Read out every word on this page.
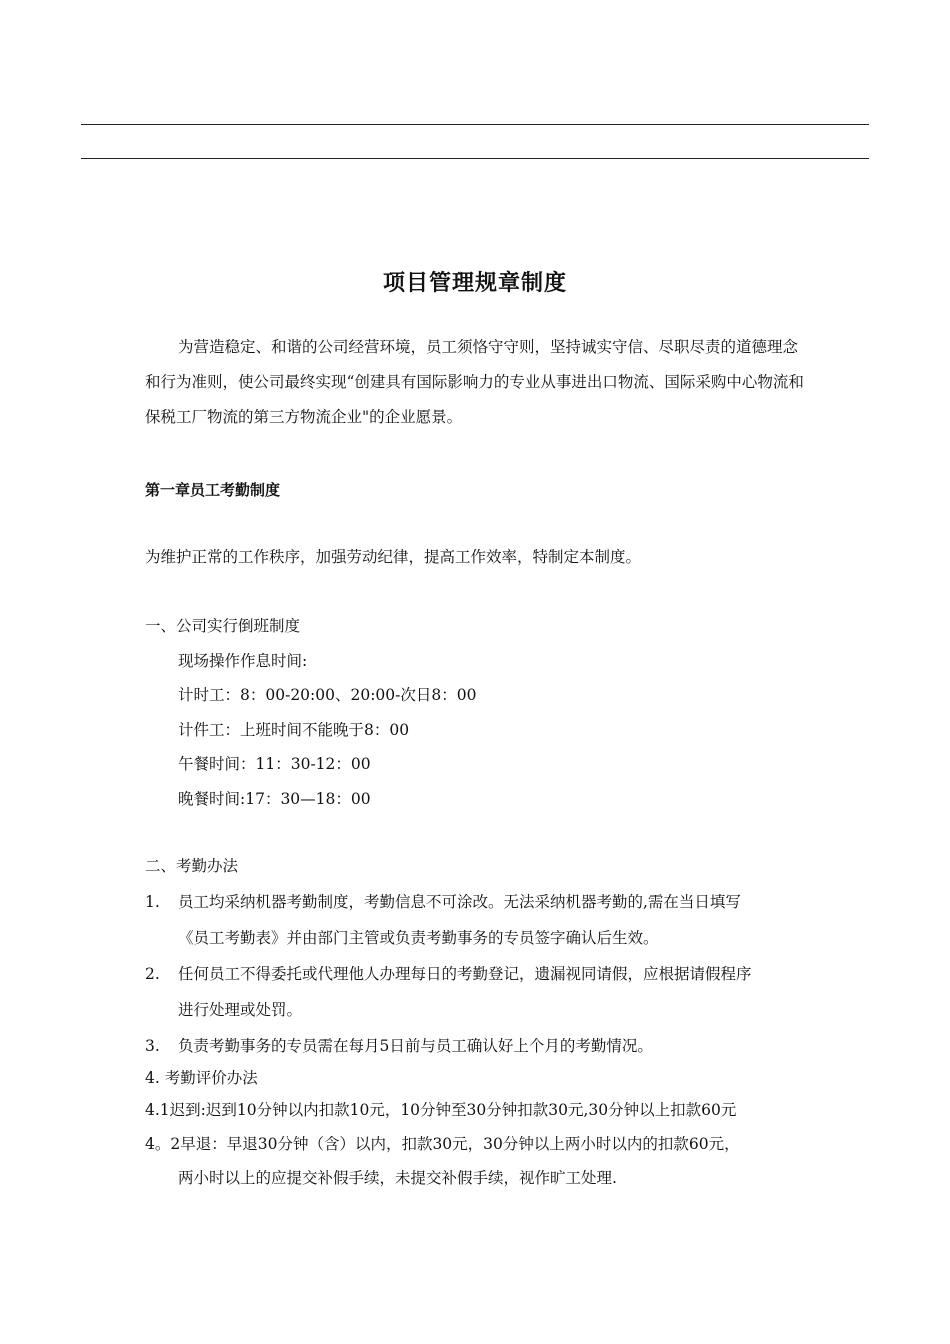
项目管理规章制度

为营造稳定、和谐的公司经营环境，员工须恪守守则，坚持诚实守信、尽职尽责的道德理念和行为准则，使公司最终实现“创建具有国际影响力的专业从事进出口物流、国际采购中心物流和保税工厂物流的第三方物流企业"的企业愿景。

第一章员工考勤制度
为维护正常的工作秩序，加强劳动纪律，提高工作效率，特制定本制度。
一、公司实行倒班制度
现场操作作息时间:
计时工：8：00-20:00、20:00-次日8：00
计件工：上班时间不能晚于8：00
午餐时间：11：30-12：00
晚餐时间:17：30—18：00
二、考勤办法
1.	员工均采纳机器考勤制度，考勤信息不可涂改。无法采纳机器考勤的,需在当日填写
《员工考勤表》并由部门主管或负责考勤事务的专员签字确认后生效。
2.	任何员工不得委托或代理他人办理每日的考勤登记，遗漏视同请假，应根据请假程序
进行处理或处罚。
3.	负责考勤事务的专员需在每月5日前与员工确认好上个月的考勤情况。
4. 考勤评价办法
4.1迟到:迟到10分钟以内扣款10元，10分钟至30分钟扣款30元,30分钟以上扣款60元
4。2早退：早退30分钟（含）以内，扣款30元，30分钟以上两小时以内的扣款60元，
两小时以上的应提交补假手续，未提交补假手续，视作旷工处理.
